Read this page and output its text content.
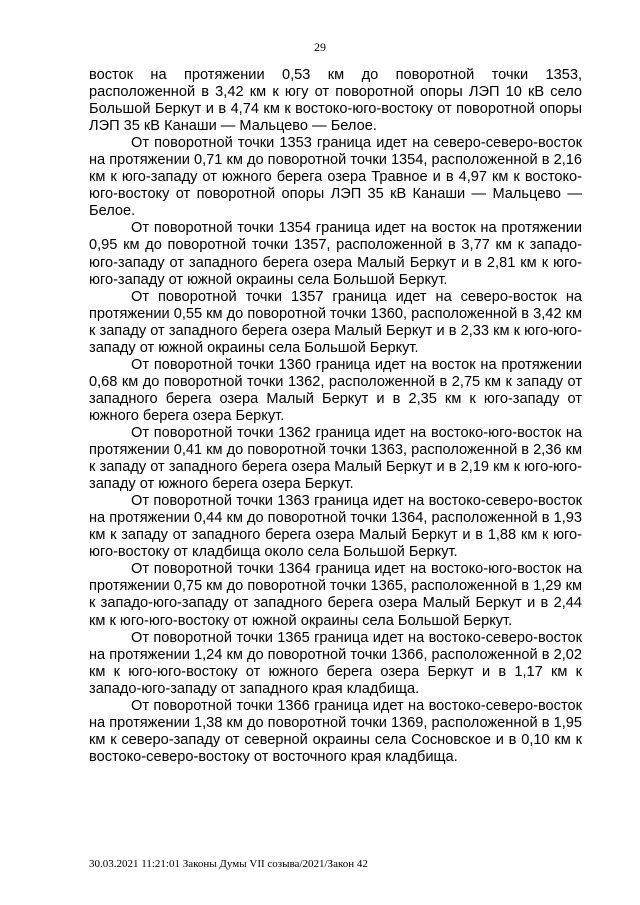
29

восток на протяжении 0,53 км до поворотной точки 1353, расположенной в 3,42 км к югу от поворотной опоры ЛЭП 10 кВ село Большой Беркут и в 4,74 км к востоко-юго-востоку от поворотной опоры ЛЭП 35 кВ Канаши — Мальцево — Белое.

От поворотной точки 1353 граница идет на северо-северо-восток на протяжении 0,71 км до поворотной точки 1354, расположенной в 2,16 км к юго-западу от южного берега озера Травное и в 4,97 км к востоко-юго-востоку от поворотной опоры ЛЭП 35 кВ Канаши — Мальцево — Белое.

От поворотной точки 1354 граница идет на восток на протяжении 0,95 км до поворотной точки 1357, расположенной в 3,77 км к западо-юго-западу от западного берега озера Малый Беркут и в 2,81 км к юго-юго-западу от южной окраины села Большой Беркут.

От поворотной точки 1357 граница идет на северо-восток на протяжении 0,55 км до поворотной точки 1360, расположенной в 3,42 км к западу от западного берега озера Малый Беркут и в 2,33 км к юго-юго-западу от южной окраины села Большой Беркут.

От поворотной точки 1360 граница идет на восток на протяжении 0,68 км до поворотной точки 1362, расположенной в 2,75 км к западу от западного берега озера Малый Беркут и в 2,35 км к юго-западу от южного берега озера Беркут.

От поворотной точки 1362 граница идет на востоко-юго-восток на протяжении 0,41 км до поворотной точки 1363, расположенной в 2,36 км к западу от западного берега озера Малый Беркут и в 2,19 км к юго-юго-западу от южного берега озера Беркут.

От поворотной точки 1363 граница идет на востоко-северо-восток на протяжении 0,44 км до поворотной точки 1364, расположенной в 1,93 км к западу от западного берега озера Малый Беркут и в 1,88 км к юго-юго-востоку от кладбища около села Большой Беркут.

От поворотной точки 1364 граница идет на востоко-юго-восток на протяжении 0,75 км до поворотной точки 1365, расположенной в 1,29 км к западо-юго-западу от западного берега озера Малый Беркут и в 2,44 км к юго-юго-востоку от южной окраины села Большой Беркут.

От поворотной точки 1365 граница идет на востоко-северо-восток на протяжении 1,24 км до поворотной точки 1366, расположенной в 2,02 км к юго-юго-востоку от южного берега озера Беркут и в 1,17 км к западо-юго-западу от западного края кладбища.

От поворотной точки 1366 граница идет на востоко-северо-восток на протяжении 1,38 км до поворотной точки 1369, расположенной в 1,95 км к северо-западу от северной окраины села Сосновское и в 0,10 км к востоко-северо-востоку от восточного края кладбища.

30.03.2021 11:21:01 Законы Думы VII созыва/2021/Закон 42
